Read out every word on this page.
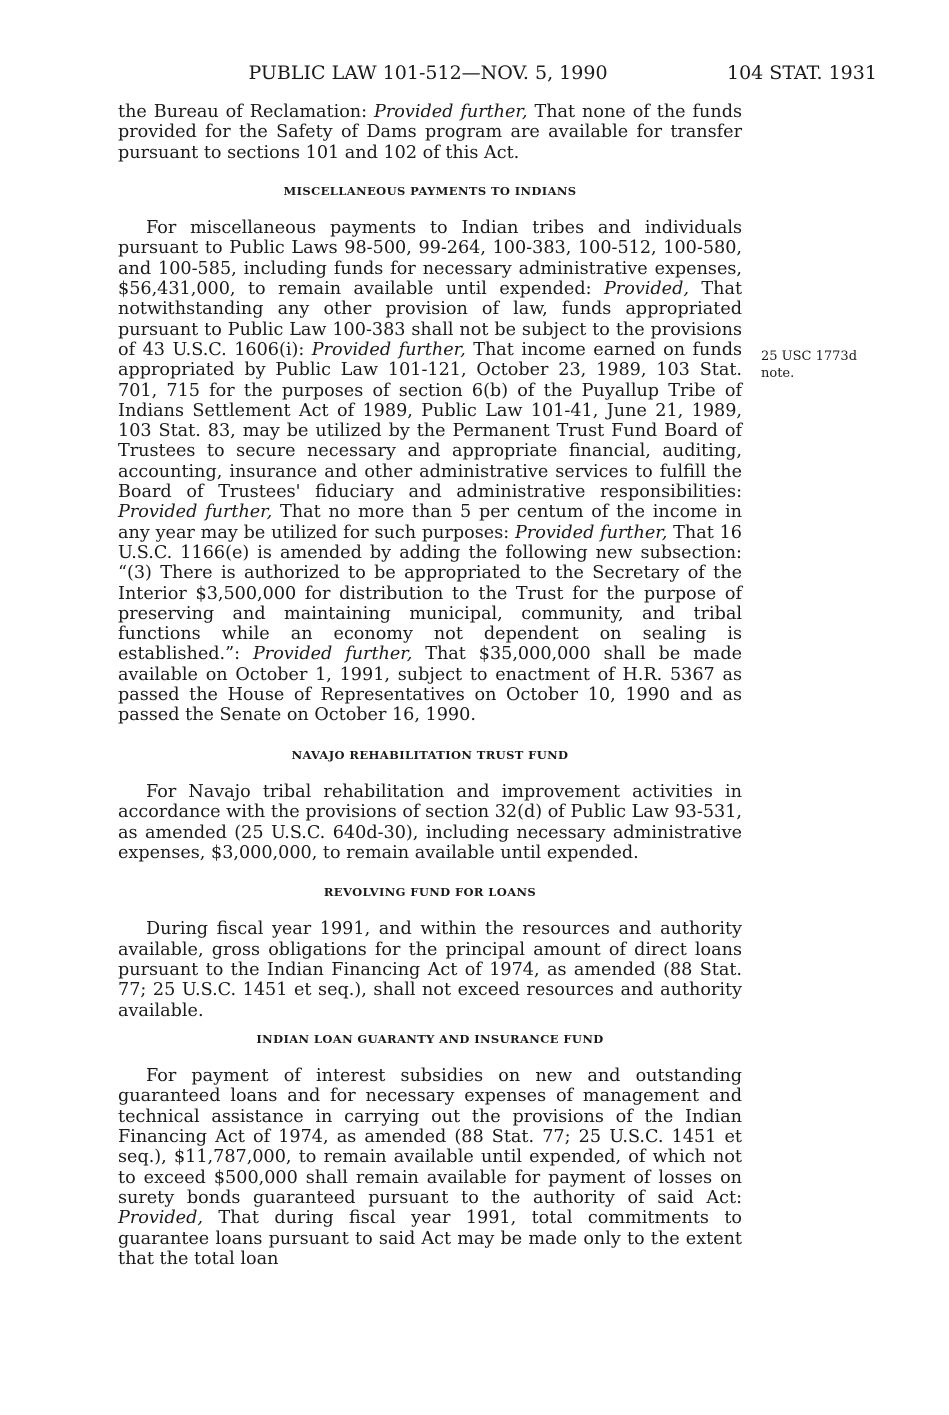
PUBLIC LAW 101-512—NOV. 5, 1990	104 STAT. 1931

the Bureau of Reclamation: Provided further, That none of the funds provided for the Safety of Dams program are available for transfer pursuant to sections 101 and 102 of this Act.

MISCELLANEOUS PAYMENTS TO INDIANS

For miscellaneous payments to Indian tribes and individuals pursuant to Public Laws 98-500, 99-264, 100-383, 100-512, 100-580, and 100-585, including funds for necessary administrative expenses, $56,431,000, to remain available until expended: Provided, That notwithstanding any other provision of law, funds appropriated pursuant to Public Law 100-383 shall not be subject to the provisions of 43 U.S.C. 1606(i): Provided further, That income earned on funds appropriated by Public Law 101-121, October 23, 1989, 103 Stat. 701, 715 for the purposes of section 6(b) of the Puyallup Tribe of Indians Settlement Act of 1989, Public Law 101-41, June 21, 1989, 103 Stat. 83, may be utilized by the Permanent Trust Fund Board of Trustees to secure necessary and appropriate financial, auditing, accounting, insurance and other administrative services to fulfill the Board of Trustees' fiduciary and administrative responsibilities: Provided further, That no more than 5 per centum of the income in any year may be utilized for such purposes: Provided further, That 16 U.S.C. 1166(e) is amended by adding the following new subsection: “(3) There is authorized to be appropriated to the Secretary of the Interior $3,500,000 for distribution to the Trust for the purpose of preserving and maintaining municipal, community, and tribal functions while an economy not dependent on sealing is established.”: Provided further, That $35,000,000 shall be made available on October 1, 1991, subject to enactment of H.R. 5367 as passed the House of Representatives on October 10, 1990 and as passed the Senate on October 16, 1990.

NAVAJO REHABILITATION TRUST FUND

For Navajo tribal rehabilitation and improvement activities in accordance with the provisions of section 32(d) of Public Law 93-531, as amended (25 U.S.C. 640d-30), including necessary administrative expenses, $3,000,000, to remain available until expended.

REVOLVING FUND FOR LOANS

During fiscal year 1991, and within the resources and authority available, gross obligations for the principal amount of direct loans pursuant to the Indian Financing Act of 1974, as amended (88 Stat. 77; 25 U.S.C. 1451 et seq.), shall not exceed resources and authority available.

INDIAN LOAN GUARANTY AND INSURANCE FUND

For payment of interest subsidies on new and outstanding guaranteed loans and for necessary expenses of management and technical assistance in carrying out the provisions of the Indian Financing Act of 1974, as amended (88 Stat. 77; 25 U.S.C. 1451 et seq.), $11,787,000, to remain available until expended, of which not to exceed $500,000 shall remain available for payment of losses on surety bonds guaranteed pursuant to the authority of said Act: Provided, That during fiscal year 1991, total commitments to guarantee loans pursuant to said Act may be made only to the extent that the total loan

25 USC 1773d
note.
